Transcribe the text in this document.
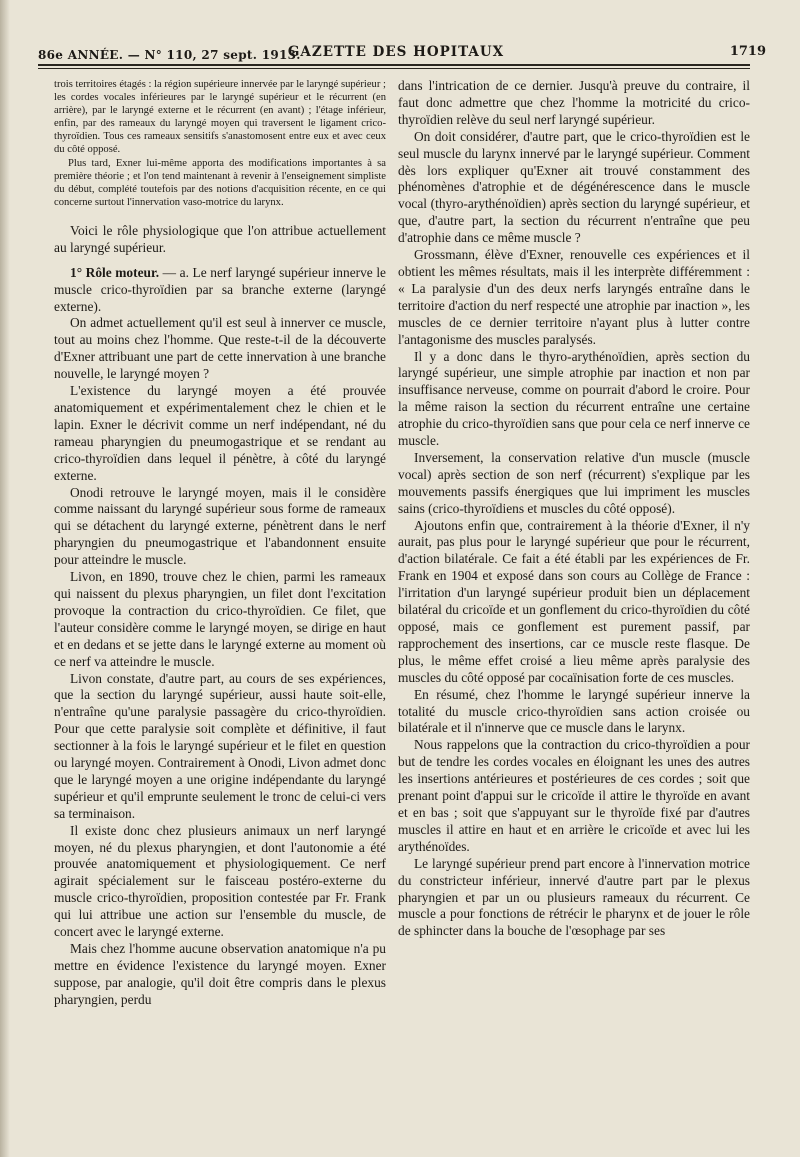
86e ANNÉE. — N° 110, 27 sept. 1913.
GAZETTE DES HOPITAUX	1719

trois territoires étagés : la région supérieure innervée par le laryngé supérieur ; les cordes vocales inférieures par le laryngé supérieur et le récurrent (en arrière), par le laryngé externe et le récurrent (en avant) ; l'étage inférieur, enfin, par des rameaux du laryngé moyen qui traversent le ligament crico-thyroïdien. Tous ces rameaux sensitifs s'anastomosent entre eux et avec ceux du côté opposé.

Plus tard, Exner lui-même apporta des modifications importantes à sa première théorie ; et l'on tend maintenant à revenir à l'enseignement simpliste du début, complété toutefois par des notions d'acquisition récente, en ce qui concerne surtout l'innervation vaso-motrice du larynx.

Voici le rôle physiologique que l'on attribue actuellement au laryngé supérieur.

1° Rôle moteur. — a. Le nerf laryngé supérieur innerve le muscle crico-thyroïdien par sa branche externe (laryngé externe).

On admet actuellement qu'il est seul à innerver ce muscle, tout au moins chez l'homme. Que reste-t-il de la découverte d'Exner attribuant une part de cette innervation à une branche nouvelle, le laryngé moyen ?

L'existence du laryngé moyen a été prouvée anatomiquement et expérimentalement chez le chien et le lapin. Exner le décrivit comme un nerf indépendant, né du rameau pharyngien du pneumogastrique et se rendant au crico-thyroïdien dans lequel il pénètre, à côté du laryngé externe.

Onodi retrouve le laryngé moyen, mais il le considère comme naissant du laryngé supérieur sous forme de rameaux qui se détachent du laryngé externe, pénètrent dans le nerf pharyngien du pneumogastrique et l'abandonnent ensuite pour atteindre le muscle.

Livon, en 1890, trouve chez le chien, parmi les rameaux qui naissent du plexus pharyngien, un filet dont l'excitation provoque la contraction du crico-thyroïdien. Ce filet, que l'auteur considère comme le laryngé moyen, se dirige en haut et en dedans et se jette dans le laryngé externe au moment où ce nerf va atteindre le muscle.

Livon constate, d'autre part, au cours de ses expériences, que la section du laryngé supérieur, aussi haute soit-elle, n'entraîne qu'une paralysie passagère du crico-thyroïdien. Pour que cette paralysie soit complète et définitive, il faut sectionner à la fois le laryngé supérieur et le filet en question ou laryngé moyen. Contrairement à Onodi, Livon admet donc que le laryngé moyen a une origine indépendante du laryngé supérieur et qu'il emprunte seulement le tronc de celui-ci vers sa terminaison.

Il existe donc chez plusieurs animaux un nerf laryngé moyen, né du plexus pharyngien, et dont l'autonomie a été prouvée anatomiquement et physiologiquement. Ce nerf agirait spécialement sur le faisceau postéro-externe du muscle crico-thyroïdien, proposition contestée par Fr. Frank qui lui attribue une action sur l'ensemble du muscle, de concert avec le laryngé externe.

Mais chez l'homme aucune observation anatomique n'a pu mettre en évidence l'existence du laryngé moyen. Exner suppose, par analogie, qu'il doit être compris dans le plexus pharyngien, perdu

dans l'intrication de ce dernier. Jusqu'à preuve du contraire, il faut donc admettre que chez l'homme la motricité du crico-thyroïdien relève du seul nerf laryngé supérieur.

On doit considérer, d'autre part, que le crico-thyroïdien est le seul muscle du larynx innervé par le laryngé supérieur. Comment dès lors expliquer qu'Exner ait trouvé constamment des phénomènes d'atrophie et de dégénérescence dans le muscle vocal (thyro-arythénoïdien) après section du laryngé supérieur, et que, d'autre part, la section du récurrent n'entraîne que peu d'atrophie dans ce même muscle ?

Grossmann, élève d'Exner, renouvelle ces expériences et il obtient les mêmes résultats, mais il les interprète différemment : « La paralysie d'un des deux nerfs laryngés entraîne dans le territoire d'action du nerf respecté une atrophie par inaction », les muscles de ce dernier territoire n'ayant plus à lutter contre l'antagonisme des muscles paralysés.

Il y a donc dans le thyro-arythénoïdien, après section du laryngé supérieur, une simple atrophie par inaction et non par insuffisance nerveuse, comme on pourrait d'abord le croire. Pour la même raison la section du récurrent entraîne une certaine atrophie du crico-thyroïdien sans que pour cela ce nerf innerve ce muscle.

Inversement, la conservation relative d'un muscle (muscle vocal) après section de son nerf (récurrent) s'explique par les mouvements passifs énergiques que lui impriment les muscles sains (crico-thyroïdiens et muscles du côté opposé).

Ajoutons enfin que, contrairement à la théorie d'Exner, il n'y aurait, pas plus pour le laryngé supérieur que pour le récurrent, d'action bilatérale. Ce fait a été établi par les expériences de Fr. Frank en 1904 et exposé dans son cours au Collège de France : l'irritation d'un laryngé supérieur produit bien un déplacement bilatéral du cricoïde et un gonflement du crico-thyroïdien du côté opposé, mais ce gonflement est purement passif, par rapprochement des insertions, car ce muscle reste flasque. De plus, le même effet croisé a lieu même après paralysie des muscles du côté opposé par cocaïnisation forte de ces muscles.

En résumé, chez l'homme le laryngé supérieur innerve la totalité du muscle crico-thyroïdien sans action croisée ou bilatérale et il n'innerve que ce muscle dans le larynx.

Nous rappelons que la contraction du crico-thyroïdien a pour but de tendre les cordes vocales en éloignant les unes des autres les insertions antérieures et postérieures de ces cordes ; soit que prenant point d'appui sur le cricoïde il attire le thyroïde en avant et en bas ; soit que s'appuyant sur le thyroïde fixé par d'autres muscles il attire en haut et en arrière le cricoïde et avec lui les arythénoïdes.

Le laryngé supérieur prend part encore à l'innervation motrice du constricteur inférieur, innervé d'autre part par le plexus pharyngien et par un ou plusieurs rameaux du récurrent. Ce muscle a pour fonctions de rétrécir le pharynx et de jouer le rôle de sphincter dans la bouche de l'œsophage par ses
